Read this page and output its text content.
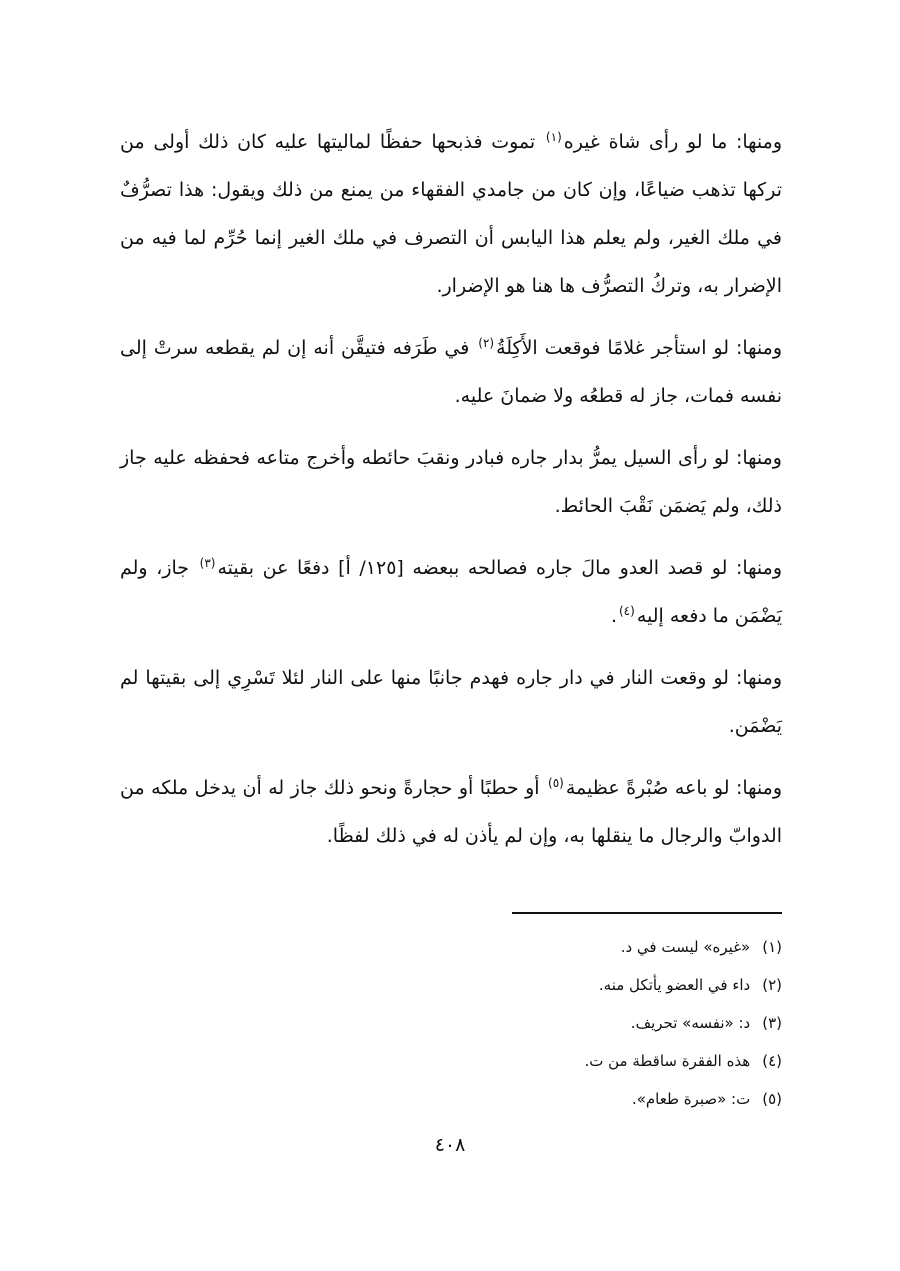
ومنها: ما لو رأى شاة غيره$^{(١)}$ تموت فذبحها حفظًا لماليتها عليه كان ذلك أولى من تركها تذهب ضياعًا، وإن كان من جامدي الفقهاء من يمنع من ذلك ويقول: هذا تصرُّفٌ في ملك الغير، ولم يعلم هذا اليابس أن التصرف في ملك الغير إنما حُرِّم لما فيه من الإضرار به، وتركُ التصرُّف ها هنا هو الإضرار.

ومنها: لو استأجر غلامًا فوقعت الأَكِلَةُ$^{(٢)}$ في طَرَفه فتيقَّن أنه إن لم يقطعه سرتْ إلى نفسه فمات، جاز له قطعُه ولا ضمانَ عليه.

ومنها: لو رأى السيل يمرُّ بدار جاره فبادر ونقبَ حائطه وأخرج متاعه فحفظه عليه جاز ذلك، ولم يَضمَن نَقْبَ الحائط.

ومنها: لو قصد العدو مالَ جاره فصالحه ببعضه [١٢٥/ أ] دفعًا عن بقيته$^{(٣)}$ جاز، ولم يَضْمَن ما دفعه إليه$^{(٤)}$.

ومنها: لو وقعت النار في دار جاره فهدم جانبًا منها على النار لئلا تَسْرِي إلى بقيتها لم يَضْمَن.

ومنها: لو باعه صُبْرةً عظيمة$^{(٥)}$ أو حطبًا أو حجارةً ونحو ذلك جاز له أن يدخل ملكه من الدوابّ والرجال ما ينقلها به، وإن لم يأذن له في ذلك لفظًا.

(١)«غيره» ليست في د.
(٢)داء في العضو يأتكل منه.
(٣)د: «نفسه» تحريف.
(٤)هذه الفقرة ساقطة من ت.
(٥)ت: «صبرة طعام».
٤٠٨
